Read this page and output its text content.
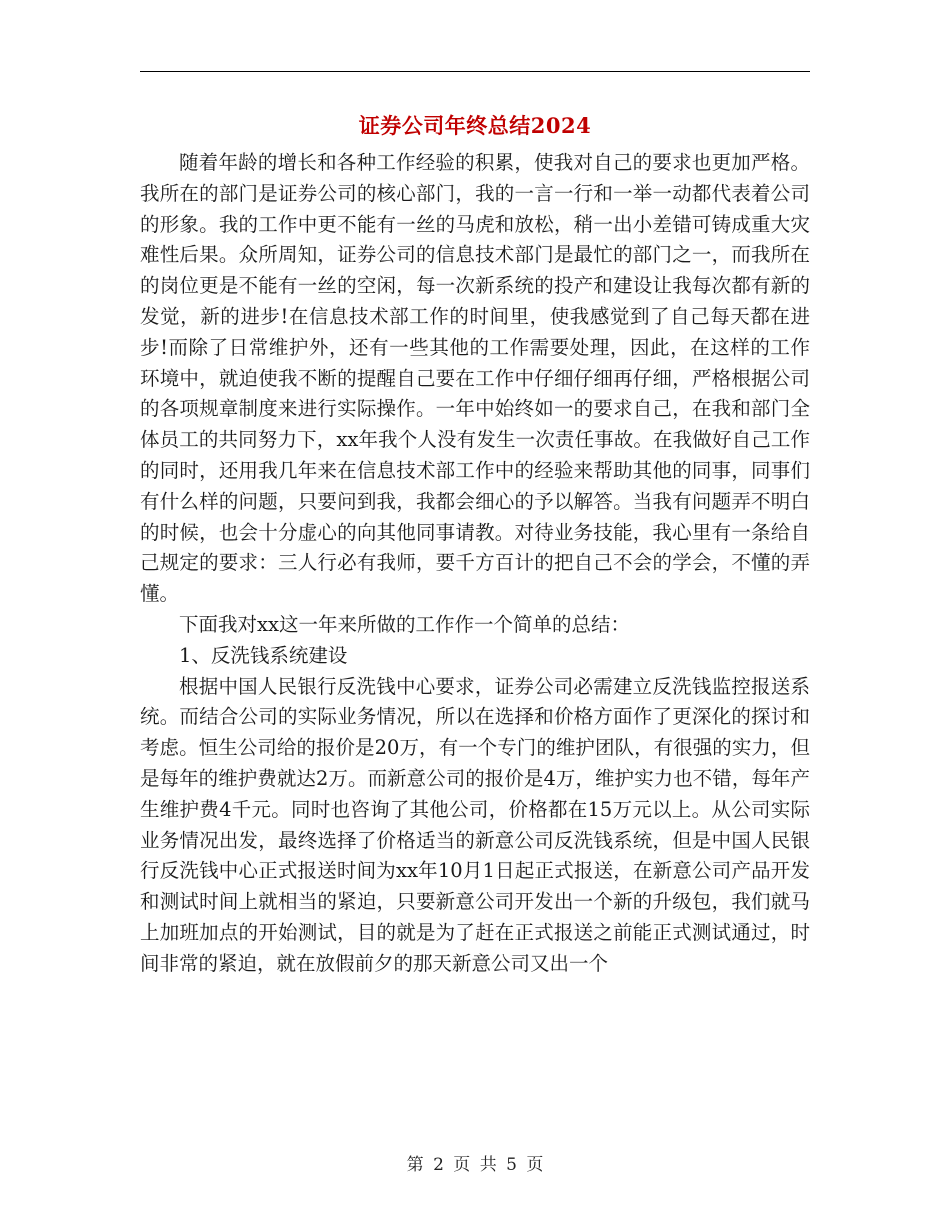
证券公司年终总结2024

随着年龄的增长和各种工作经验的积累，使我对自己的要求也更加严格。我所在的部门是证券公司的核心部门，我的一言一行和一举一动都代表着公司的形象。我的工作中更不能有一丝的马虎和放松，稍一出小差错可铸成重大灾难性后果。众所周知，证券公司的信息技术部门是最忙的部门之一，而我所在的岗位更是不能有一丝的空闲，每一次新系统的投产和建设让我每次都有新的发觉，新的进步!在信息技术部工作的时间里，使我感觉到了自己每天都在进步!而除了日常维护外，还有一些其他的工作需要处理，因此，在这样的工作环境中，就迫使我不断的提醒自己要在工作中仔细仔细再仔细，严格根据公司的各项规章制度来进行实际操作。一年中始终如一的要求自己，在我和部门全体员工的共同努力下，xx年我个人没有发生一次责任事故。在我做好自己工作的同时，还用我几年来在信息技术部工作中的经验来帮助其他的同事，同事们有什么样的问题，只要问到我，我都会细心的予以解答。当我有问题弄不明白的时候，也会十分虚心的向其他同事请教。对待业务技能，我心里有一条给自己规定的要求：三人行必有我师，要千方百计的把自己不会的学会，不懂的弄懂。

下面我对xx这一年来所做的工作作一个简单的总结：

1、反洗钱系统建设

根据中国人民银行反洗钱中心要求，证券公司必需建立反洗钱监控报送系统。而结合公司的实际业务情况，所以在选择和价格方面作了更深化的探讨和考虑。恒生公司给的报价是20万，有一个专门的维护团队，有很强的实力，但是每年的维护费就达2万。而新意公司的报价是4万，维护实力也不错，每年产生维护费4千元。同时也咨询了其他公司，价格都在15万元以上。从公司实际业务情况出发，最终选择了价格适当的新意公司反洗钱系统，但是中国人民银行反洗钱中心正式报送时间为xx年10月1日起正式报送，在新意公司产品开发和测试时间上就相当的紧迫，只要新意公司开发出一个新的升级包，我们就马上加班加点的开始测试，目的就是为了赶在正式报送之前能正式测试通过，时间非常的紧迫，就在放假前夕的那天新意公司又出一个

第 2 页 共 5 页
